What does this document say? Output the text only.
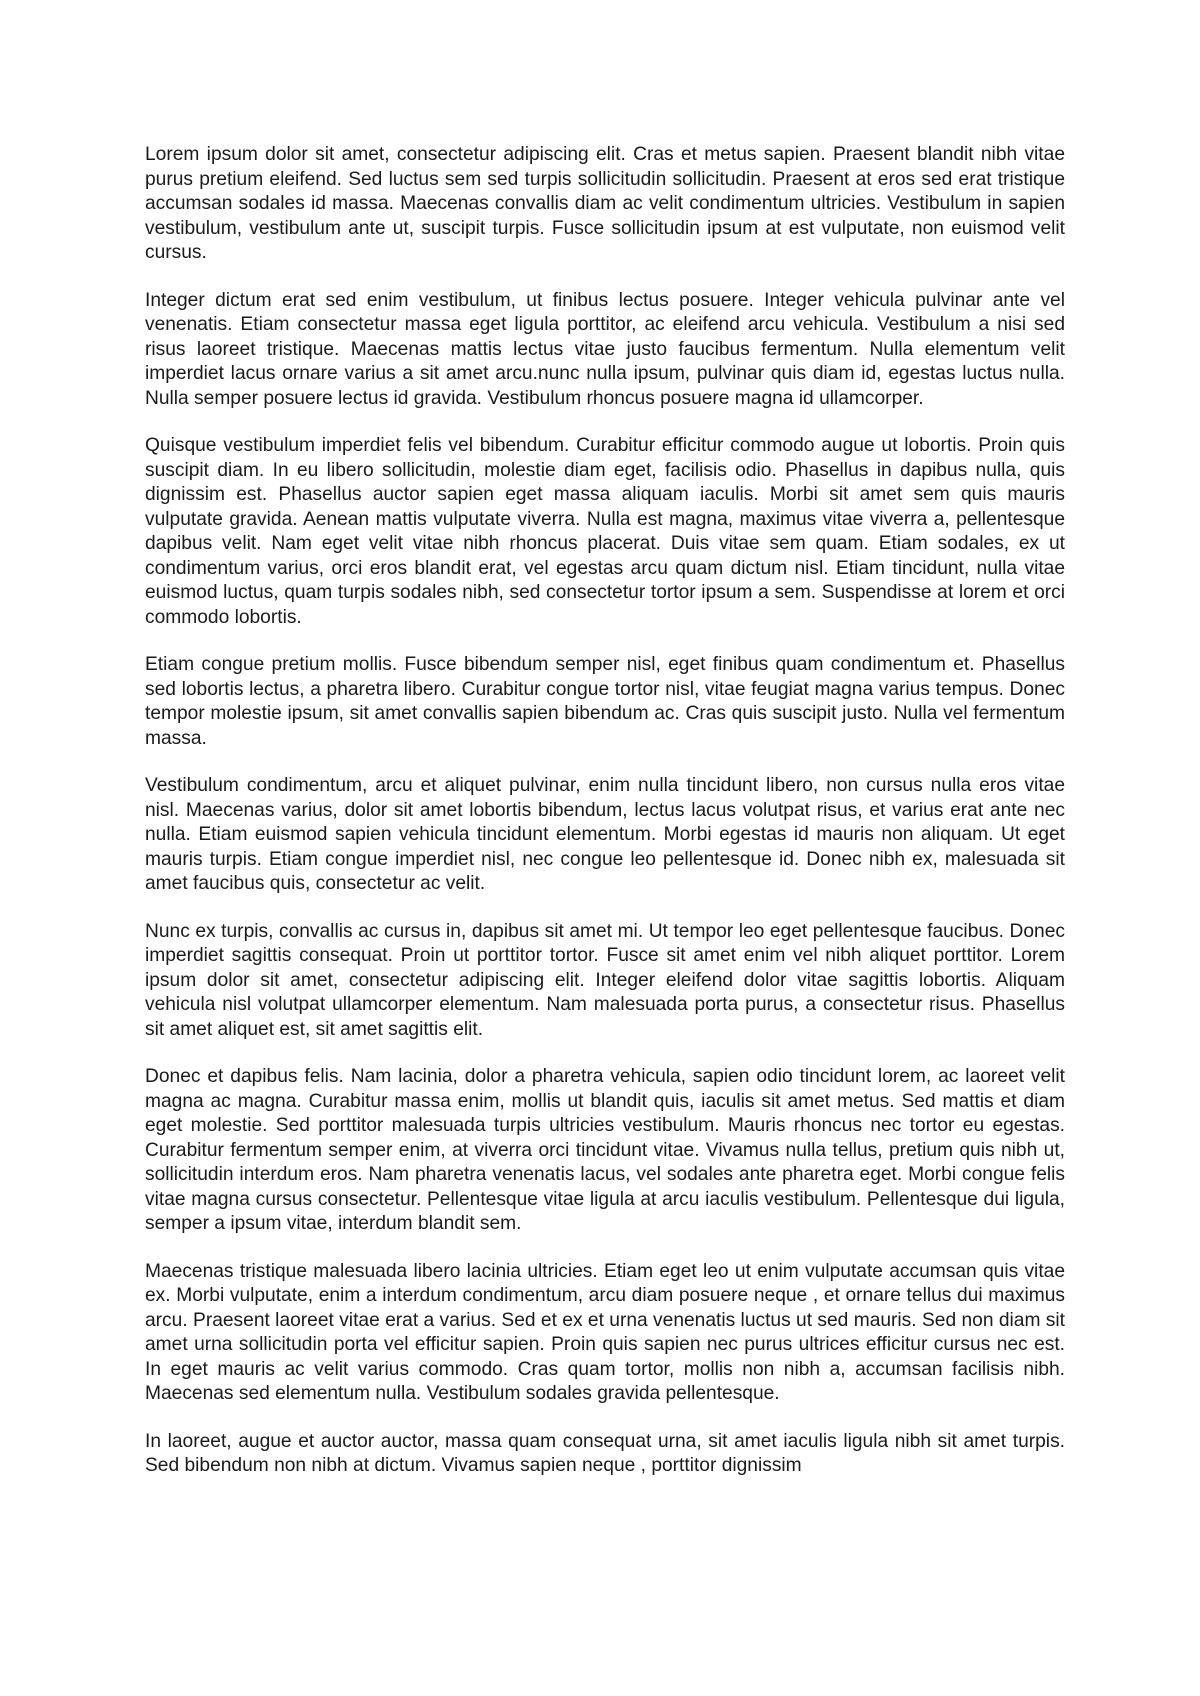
Lorem ipsum dolor sit amet, consectetur adipiscing elit. Cras et metus sapien. Praesent blandit nibh vitae purus pretium eleifend. Sed luctus sem sed turpis sollicitudin sollicitudin. Praesent at eros sed erat tristique accumsan sodales id massa. Maecenas convallis diam ac velit condimentum ultricies. Vestibulum in sapien vestibulum, vestibulum ante ut, suscipit turpis. Fusce sollicitudin ipsum at est vulputate, non euismod velit cursus.

Integer dictum erat sed enim vestibulum, ut finibus lectus posuere. Integer vehicula pulvinar ante vel venenatis. Etiam consectetur massa eget ligula porttitor, ac eleifend arcu vehicula. Vestibulum a nisi sed risus laoreet tristique. Maecenas mattis lectus vitae justo faucibus fermentum. Nulla elementum velit imperdiet lacus ornare varius a sit amet arcu.nunc nulla ipsum, pulvinar quis diam id, egestas luctus nulla. Nulla semper posuere lectus id gravida. Vestibulum rhoncus posuere magna id ullamcorper.

Quisque vestibulum imperdiet felis vel bibendum. Curabitur efficitur commodo augue ut lobortis. Proin quis suscipit diam. In eu libero sollicitudin, molestie diam eget, facilisis odio. Phasellus in dapibus nulla, quis dignissim est. Phasellus auctor sapien eget massa aliquam iaculis. Morbi sit amet sem quis mauris vulputate gravida. Aenean mattis vulputate viverra. Nulla est magna, maximus vitae viverra a, pellentesque dapibus velit. Nam eget velit vitae nibh rhoncus placerat. Duis vitae sem quam. Etiam sodales, ex ut condimentum varius, orci eros blandit erat, vel egestas arcu quam dictum nisl. Etiam tincidunt, nulla vitae euismod luctus, quam turpis sodales nibh, sed consectetur tortor ipsum a sem. Suspendisse at lorem et orci commodo lobortis.

Etiam congue pretium mollis. Fusce bibendum semper nisl, eget finibus quam condimentum et. Phasellus sed lobortis lectus, a pharetra libero. Curabitur congue tortor nisl, vitae feugiat magna varius tempus. Donec tempor molestie ipsum, sit amet convallis sapien bibendum ac. Cras quis suscipit justo. Nulla vel fermentum massa.

Vestibulum condimentum, arcu et aliquet pulvinar, enim nulla tincidunt libero, non cursus nulla eros vitae nisl. Maecenas varius, dolor sit amet lobortis bibendum, lectus lacus volutpat risus, et varius erat ante nec nulla. Etiam euismod sapien vehicula tincidunt elementum. Morbi egestas id mauris non aliquam. Ut eget mauris turpis. Etiam congue imperdiet nisl, nec congue leo pellentesque id. Donec nibh ex, malesuada sit amet faucibus quis, consectetur ac velit.

Nunc ex turpis, convallis ac cursus in, dapibus sit amet mi. Ut tempor leo eget pellentesque faucibus. Donec imperdiet sagittis consequat. Proin ut porttitor tortor. Fusce sit amet enim vel nibh aliquet porttitor. Lorem ipsum dolor sit amet, consectetur adipiscing elit. Integer eleifend dolor vitae sagittis lobortis. Aliquam vehicula nisl volutpat ullamcorper elementum. Nam malesuada porta purus, a consectetur risus. Phasellus sit amet aliquet est, sit amet sagittis elit.

Donec et dapibus felis. Nam lacinia, dolor a pharetra vehicula, sapien odio tincidunt lorem, ac laoreet velit magna ac magna. Curabitur massa enim, mollis ut blandit quis, iaculis sit amet metus. Sed mattis et diam eget molestie. Sed porttitor malesuada turpis ultricies vestibulum. Mauris rhoncus nec tortor eu egestas. Curabitur fermentum semper enim, at viverra orci tincidunt vitae. Vivamus nulla tellus, pretium quis nibh ut, sollicitudin interdum eros. Nam pharetra venenatis lacus, vel sodales ante pharetra eget. Morbi congue felis vitae magna cursus consectetur. Pellentesque vitae ligula at arcu iaculis vestibulum. Pellentesque dui ligula, semper a ipsum vitae, interdum blandit sem.

Maecenas tristique malesuada libero lacinia ultricies. Etiam eget leo ut enim vulputate accumsan quis vitae ex. Morbi vulputate, enim a interdum condimentum, arcu diam posuere neque , et ornare tellus dui maximus arcu. Praesent laoreet vitae erat a varius. Sed et ex et urna venenatis luctus ut sed mauris. Sed non diam sit amet urna sollicitudin porta vel efficitur sapien. Proin quis sapien nec purus ultrices efficitur cursus nec est. In eget mauris ac velit varius commodo. Cras quam tortor, mollis non nibh a, accumsan facilisis nibh. Maecenas sed elementum nulla. Vestibulum sodales gravida pellentesque.

In laoreet, augue et auctor auctor, massa quam consequat urna, sit amet iaculis ligula nibh sit amet turpis. Sed bibendum non nibh at dictum. Vivamus sapien neque , porttitor dignissim
